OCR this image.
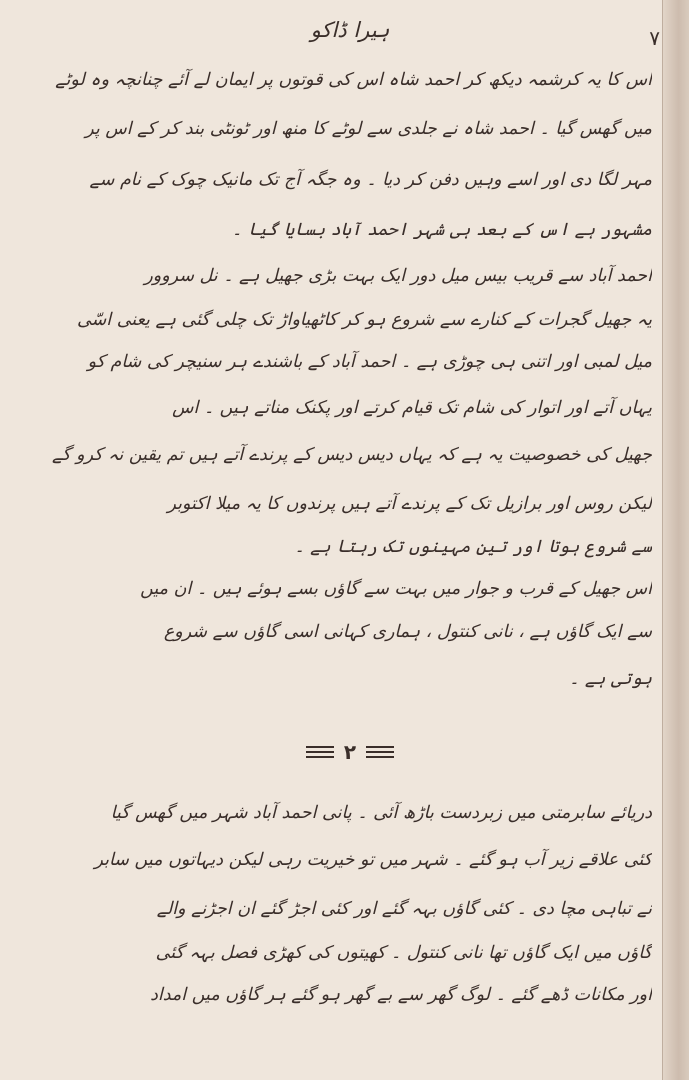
۷
ہیرا ڈاکو
اس کا یہ کرشمہ دیکھ کر احمد شاہ اس کی قوتوں پر ایمان لے آئے چنانچہ وہ لوٹے
میں گھس گیا ۔ احمد شاہ نے جلدی سے لوٹے کا منھ اور ٹونٹی بند کر کے اس پر
مہر لگا دی اور اسے وہیں دفن کر دیا ۔ وہ جگہ آج تک مانیک چوک کے نام سے
مشہور ہے اس کے بعد ہی شہر احمد آباد بسایا گیا ۔
احمد آباد سے قریب بیس میل دور ایک بہت بڑی جھیل ہے ۔ نل سروور
یہ جھیل گجرات کے کنارے سے شروع ہو کر کاٹھیاواڑ تک چلی گئی ہے یعنی اسّی
میل لمبی اور اتنی ہی چوڑی ہے ۔ احمد آباد کے باشندے ہر سنیچر کی شام کو
یہاں آتے اور اتوار کی شام تک قیام کرتے اور پکنک مناتے ہیں ۔ اس
جھیل کی خصوصیت یہ ہے کہ یہاں دیس دیس کے پرندے آتے ہیں تم یقین نہ کرو گے
لیکن روس اور برازیل تک کے پرندے آتے ہیں پرندوں کا یہ میلا اکتوبر
سے شروع ہوتا اور تین مہینوں تک رہتا ہے ۔
اس جھیل کے قرب و جوار میں بہت سے گاؤں بسے ہوئے ہیں ۔ ان میں
سے ایک گاؤں ہے ، نانی کنتول ، ہماری کہانی اسی گاؤں سے شروع
ہوتی ہے ۔
۲
دریائے سابرمتی میں زبردست باڑھ آئی ۔ پانی احمد آباد شہر میں گھس گیا
کئی علاقے زیر آب ہو گئے ۔ شہر میں تو خیریت رہی لیکن دیہاتوں میں سابر
نے تباہی مچا دی ۔ کئی گاؤں بہہ گئے اور کئی اجڑ گئے ان اجڑنے والے
گاؤں میں ایک گاؤں تھا نانی کنتول ۔ کھیتوں کی کھڑی فصل بہہ گئی
اور مکانات ڈھے گئے ۔ لوگ گھر سے بے گھر ہو گئے ہر گاؤں میں امداد
